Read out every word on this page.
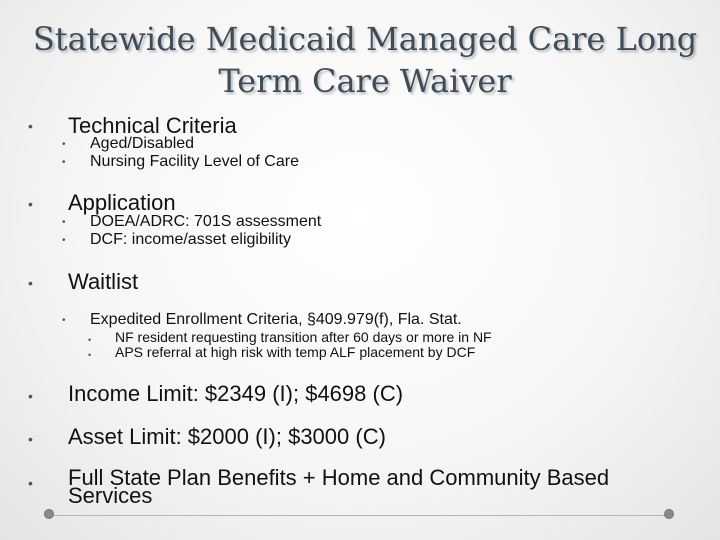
Statewide Medicaid Managed Care Long Term Care Waiver
• Technical Criteria
• Aged/Disabled
• Nursing Facility Level of Care
• Application
• DOEA/ADRC: 701S assessment
• DCF: income/asset eligibility
• Waitlist
• Expedited Enrollment Criteria, §409.979(f), Fla. Stat.
• NF resident requesting transition after 60 days or more in NF
• APS referral at high risk with temp ALF placement by DCF
• Income Limit: $2349 (I); $4698 (C)
• Asset Limit: $2000 (I); $3000 (C)
• Full State Plan Benefits + Home and Community Based
Services
